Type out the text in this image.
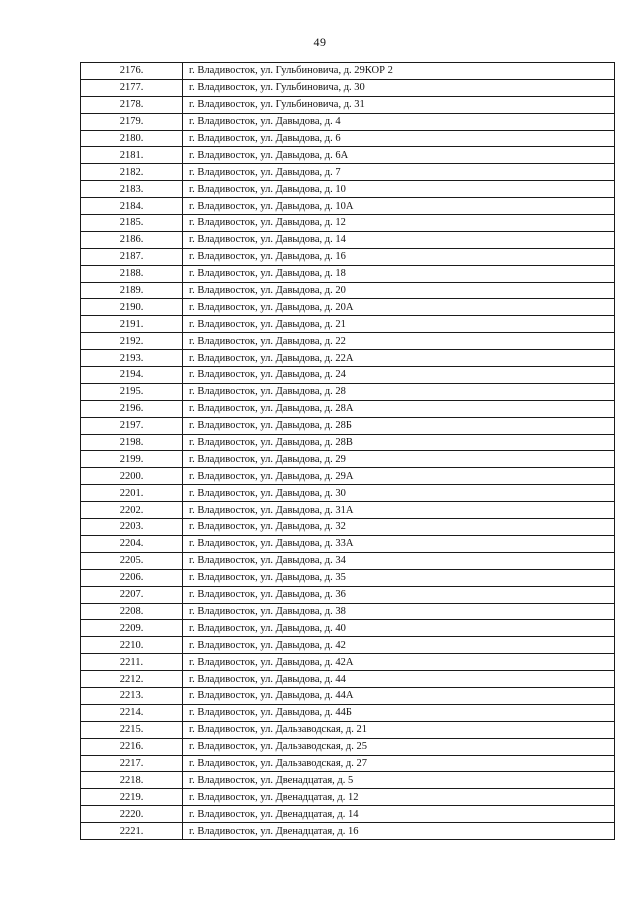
49
2176.	г. Владивосток, ул. Гульбиновича, д. 29КОР 2
2177.	г. Владивосток, ул. Гульбиновича, д. 30
2178.	г. Владивосток, ул. Гульбиновича, д. 31
2179.	г. Владивосток, ул. Давыдова, д. 4
2180.	г. Владивосток, ул. Давыдова, д. 6
2181.	г. Владивосток, ул. Давыдова, д. 6А
2182.	г. Владивосток, ул. Давыдова, д. 7
2183.	г. Владивосток, ул. Давыдова, д. 10
2184.	г. Владивосток, ул. Давыдова, д. 10А
2185.	г. Владивосток, ул. Давыдова, д. 12
2186.	г. Владивосток, ул. Давыдова, д. 14
2187.	г. Владивосток, ул. Давыдова, д. 16
2188.	г. Владивосток, ул. Давыдова, д. 18
2189.	г. Владивосток, ул. Давыдова, д. 20
2190.	г. Владивосток, ул. Давыдова, д. 20А
2191.	г. Владивосток, ул. Давыдова, д. 21
2192.	г. Владивосток, ул. Давыдова, д. 22
2193.	г. Владивосток, ул. Давыдова, д. 22А
2194.	г. Владивосток, ул. Давыдова, д. 24
2195.	г. Владивосток, ул. Давыдова, д. 28
2196.	г. Владивосток, ул. Давыдова, д. 28А
2197.	г. Владивосток, ул. Давыдова, д. 28Б
2198.	г. Владивосток, ул. Давыдова, д. 28В
2199.	г. Владивосток, ул. Давыдова, д. 29
2200.	г. Владивосток, ул. Давыдова, д. 29А
2201.	г. Владивосток, ул. Давыдова, д. 30
2202.	г. Владивосток, ул. Давыдова, д. 31А
2203.	г. Владивосток, ул. Давыдова, д. 32
2204.	г. Владивосток, ул. Давыдова, д. 33А
2205.	г. Владивосток, ул. Давыдова, д. 34
2206.	г. Владивосток, ул. Давыдова, д. 35
2207.	г. Владивосток, ул. Давыдова, д. 36
2208.	г. Владивосток, ул. Давыдова, д. 38
2209.	г. Владивосток, ул. Давыдова, д. 40
2210.	г. Владивосток, ул. Давыдова, д. 42
2211.	г. Владивосток, ул. Давыдова, д. 42А
2212.	г. Владивосток, ул. Давыдова, д. 44
2213.	г. Владивосток, ул. Давыдова, д. 44А
2214.	г. Владивосток, ул. Давыдова, д. 44Б
2215.	г. Владивосток, ул. Дальзаводская, д. 21
2216.	г. Владивосток, ул. Дальзаводская, д. 25
2217.	г. Владивосток, ул. Дальзаводская, д. 27
2218.	г. Владивосток, ул. Двенадцатая, д. 5
2219.	г. Владивосток, ул. Двенадцатая, д. 12
2220.	г. Владивосток, ул. Двенадцатая, д. 14
2221.	г. Владивосток, ул. Двенадцатая, д. 16
